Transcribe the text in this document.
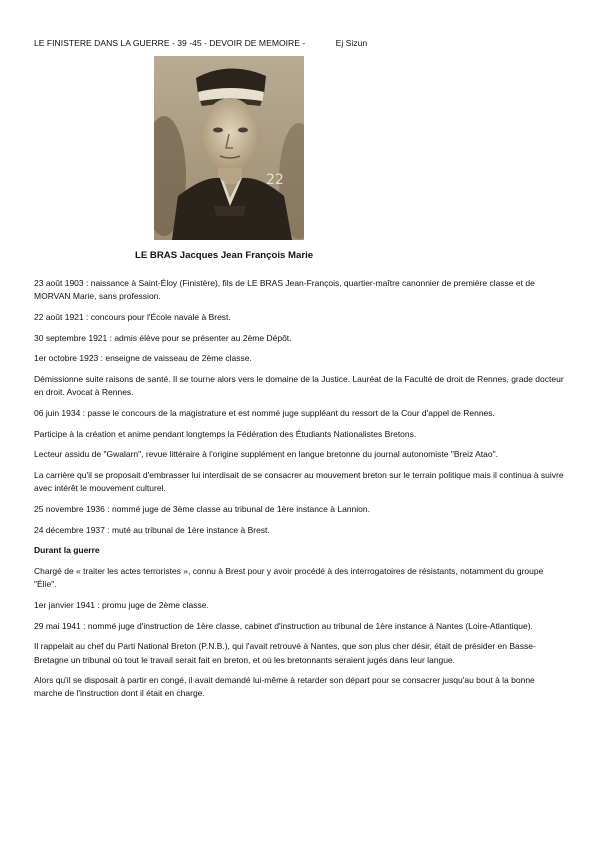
LE FINISTERE DANS LA GUERRE - 39 -45 - DEVOIR DE MEMOIRE -	Ej Sizun
22
LE BRAS Jacques Jean François Marie

23 août 1903 : naissance à Saint-Éloy (Finistère), fils de LE BRAS Jean-François, quartier-maître canonnier de première classe et de MORVAN Marie, sans profession.

22 août 1921 : concours pour l'École navale à Brest.

30 septembre 1921 : admis élève pour se présenter au 2ème Dépôt.

1er octobre 1923 : enseigne de vaisseau de 2ème classe.

Démissionne suite raisons de santé. Il se tourne alors vers le domaine de la Justice. Lauréat de la Faculté de droit de Rennes, grade docteur en droit. Avocat à Rennes.

06 juin 1934 : passe le concours de la magistrature et est nommé juge suppléant du ressort de la Cour d'appel de Rennes.

Participe à la création et anime pendant longtemps la Fédération des Étudiants Nationalistes Bretons.

Lecteur assidu de "Gwalarn", revue littéraire à l'origine supplément en langue bretonne du journal autonomiste "Breiz Atao".

La carrière qu'il se proposait d'embrasser lui interdisait de se consacrer au mouvement breton sur le terrain politique mais il continua à suivre avec intérêt le mouvement culturel.

25 novembre 1936 : nommé juge de 3ème classe au tribunal de 1ère instance à Lannion.

24 décembre 1937 : muté au tribunal de 1ère instance à Brest.

Durant la guerre

Chargé de « traiter les actes terroristes », connu à Brest pour y avoir procédé à des interrogatoires de résistants, notamment du groupe "Élie".

1er janvier 1941 : promu juge de 2ème classe.

29 mai 1941 : nommé juge d'instruction de 1ère classe, cabinet d'instruction au tribunal de 1ère instance à Nantes (Loire-Atlantique).

Il rappelait au chef du Parti National Breton (P.N.B.), qui l'avait retrouvé à Nantes, que son plus cher désir, était de présider en Basse-Bretagne un tribunal où tout le travail serait fait en breton, et où les bretonnants seraient jugés dans leur langue.

Alors qu'il se disposait à partir en congé, il avait demandé lui-même à retarder son départ pour se consacrer jusqu'au bout à la bonne marche de l'instruction dont il était en charge.
